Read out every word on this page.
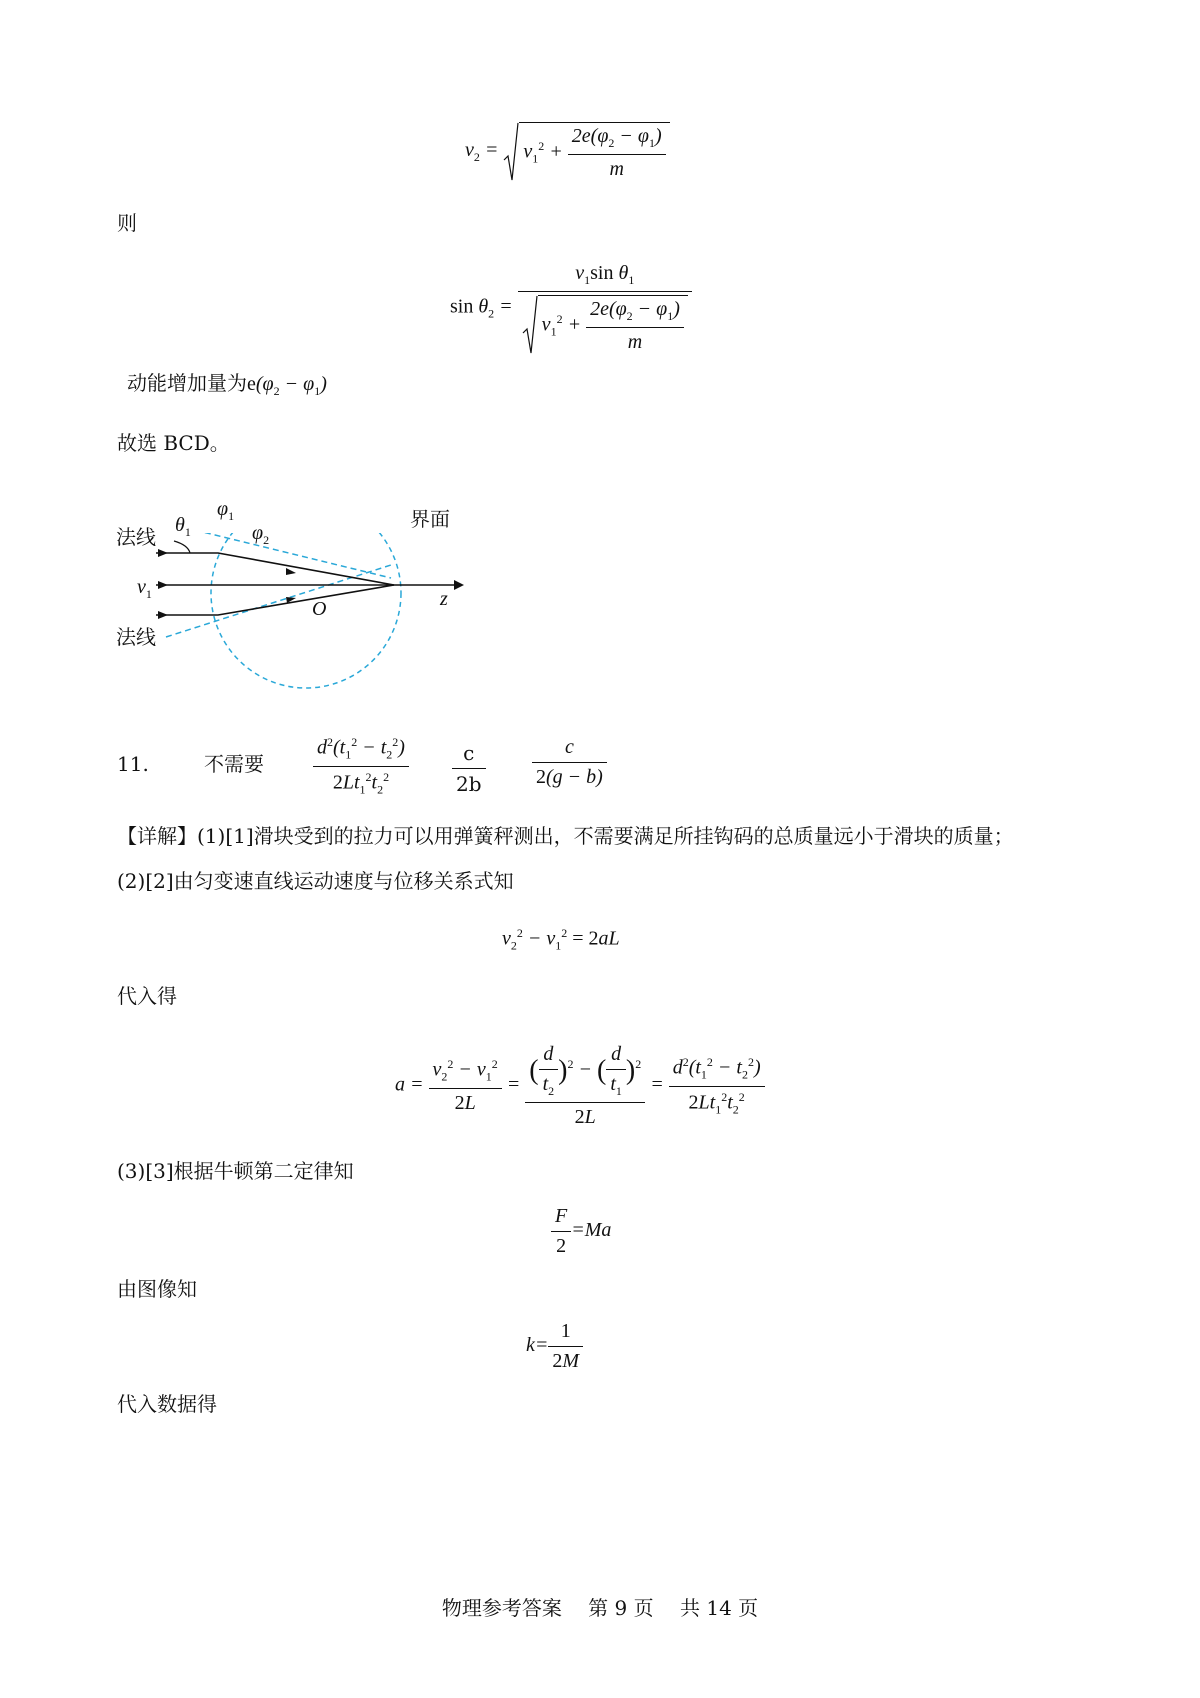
$v_2$ =
$v_1^2 + \frac{2e(\varphi_2 - \varphi_1)}{m}$
则
$\sin \theta_2 = \frac{v_1\sin \theta_1}{v_1^2 + \frac{2e(\varphi_2 - \varphi_1)}{m}}$
动能增加量为$e(\varphi_2 - \varphi_1)$
故选 BCD。
法线
法线
$v_1$
$\theta_1$
$\varphi_1$
$\varphi_2$
界面
O	z
11.	不需要 $\frac{d^2(t_1^2 - t_2^2)}{2Lt_1^2t_2^2} \frac{c}{2b} \frac{c}{2(g - b)}$
【详解】(1)[1]滑块受到的拉力可以用弹簧秤测出，不需要满足所挂钩码的总质量远小于滑块的质量；
(2)[2]由匀变速直线运动速度与位移关系式知
$v_2^2 - v_1^2 = 2aL$
代入得
$a = \frac{v_2^2 - v_1^2}{2L} = \frac{( \frac{d}{t_2} )^2 - ( \frac{d}{t_1} )^2}{2L} = \frac{d^2(t_1^2 - t_2^2)}{2Lt_1^2t_2^2}$
(3)[3]根据牛顿第二定律知
$\frac{F}{2} =Ma$
由图像知
$k= \frac{1}{2M}$
代入数据得
物理参考答案　 第 9 页　 共 14 页
